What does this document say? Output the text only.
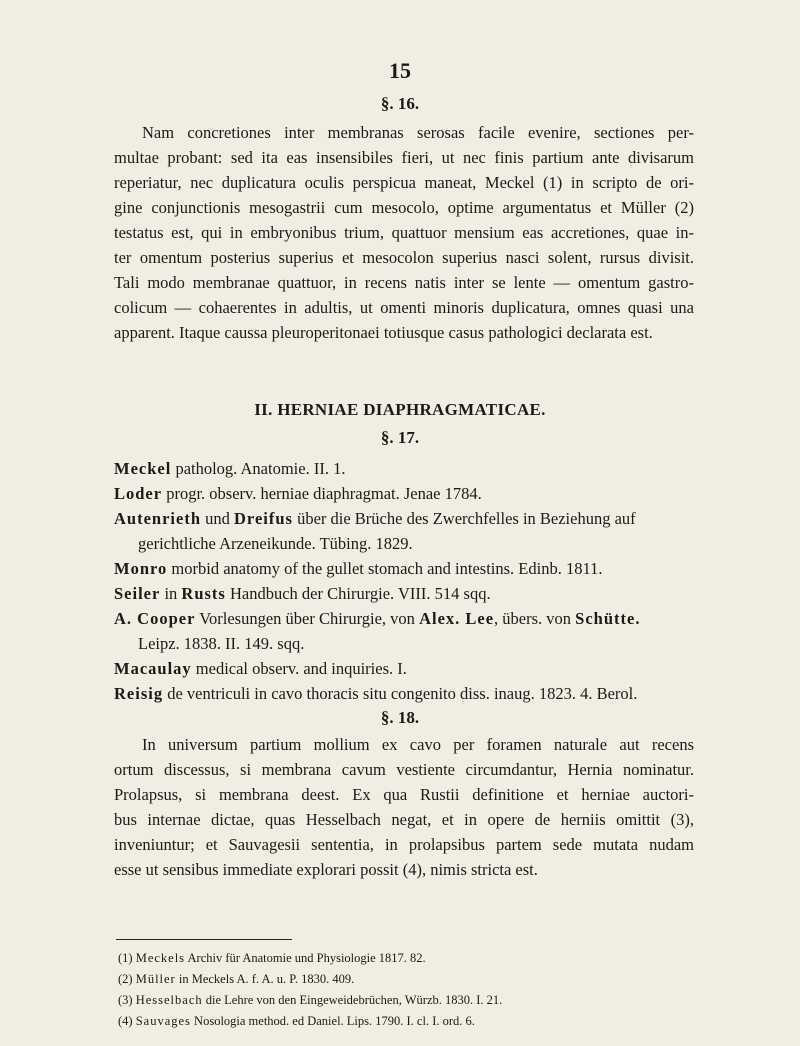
15
§. 16.
Nam concretiones inter membranas serosas facile evenire, sectiones per-
multae probant: sed ita eas insensibiles fieri, ut nec finis partium ante divisarum
reperiatur, nec duplicatura oculis perspicua maneat, Meckel (1) in scripto de ori-
gine conjunctionis mesogastrii cum mesocolo, optime argumentatus et Müller (2)
testatus est, qui in embryonibus trium, quattuor mensium eas accretiones, quae in-
ter omentum posterius superius et mesocolon superius nasci solent, rursus divisit.
Tali modo membranae quattuor, in recens natis inter se lente — omentum gastro-
colicum — cohaerentes in adultis, ut omenti minoris duplicatura, omnes quasi una
apparent. Itaque caussa pleuroperitonaei totiusque casus pathologici declarata est.
II. HERNIAE DIAPHRAGMATICAE.
§. 17.
Meckel patholog. Anatomie. II. 1.
Loder progr. observ. herniae diaphragmat. Jenae 1784.
Autenrieth und Dreifus über die Brüche des Zwerchfelles in Beziehung auf
gerichtliche Arzeneikunde. Tübing. 1829.
Monro morbid anatomy of the gullet stomach and intestins. Edinb. 1811.
Seiler in Rusts Handbuch der Chirurgie. VIII. 514 sqq.
A. Cooper Vorlesungen über Chirurgie, von Alex. Lee, übers. von Schütte.
Leipz. 1838. II. 149. sqq.
Macaulay medical observ. and inquiries. I.
Reisig de ventriculi in cavo thoracis situ congenito diss. inaug. 1823. 4. Berol.
§. 18.
In universum partium mollium ex cavo per foramen naturale aut recens
ortum discessus, si membrana cavum vestiente circumdantur, Hernia nominatur.
Prolapsus, si membrana deest. Ex qua Rustii definitione et herniae auctori-
bus internae dictae, quas Hesselbach negat, et in opere de herniis omittit (3),
inveniuntur; et Sauvagesii sententia, in prolapsibus partem sede mutata nudam
esse ut sensibus immediate explorari possit (4), nimis stricta est.
(1) Meckels Archiv für Anatomie und Physiologie 1817. 82.
(2) Müller in Meckels A. f. A. u. P. 1830. 409.
(3) Hesselbach die Lehre von den Eingeweidebrüchen, Würzb. 1830. I. 21.
(4) Sauvages Nosologia method. ed Daniel. Lips. 1790. I. cl. I. ord. 6.
